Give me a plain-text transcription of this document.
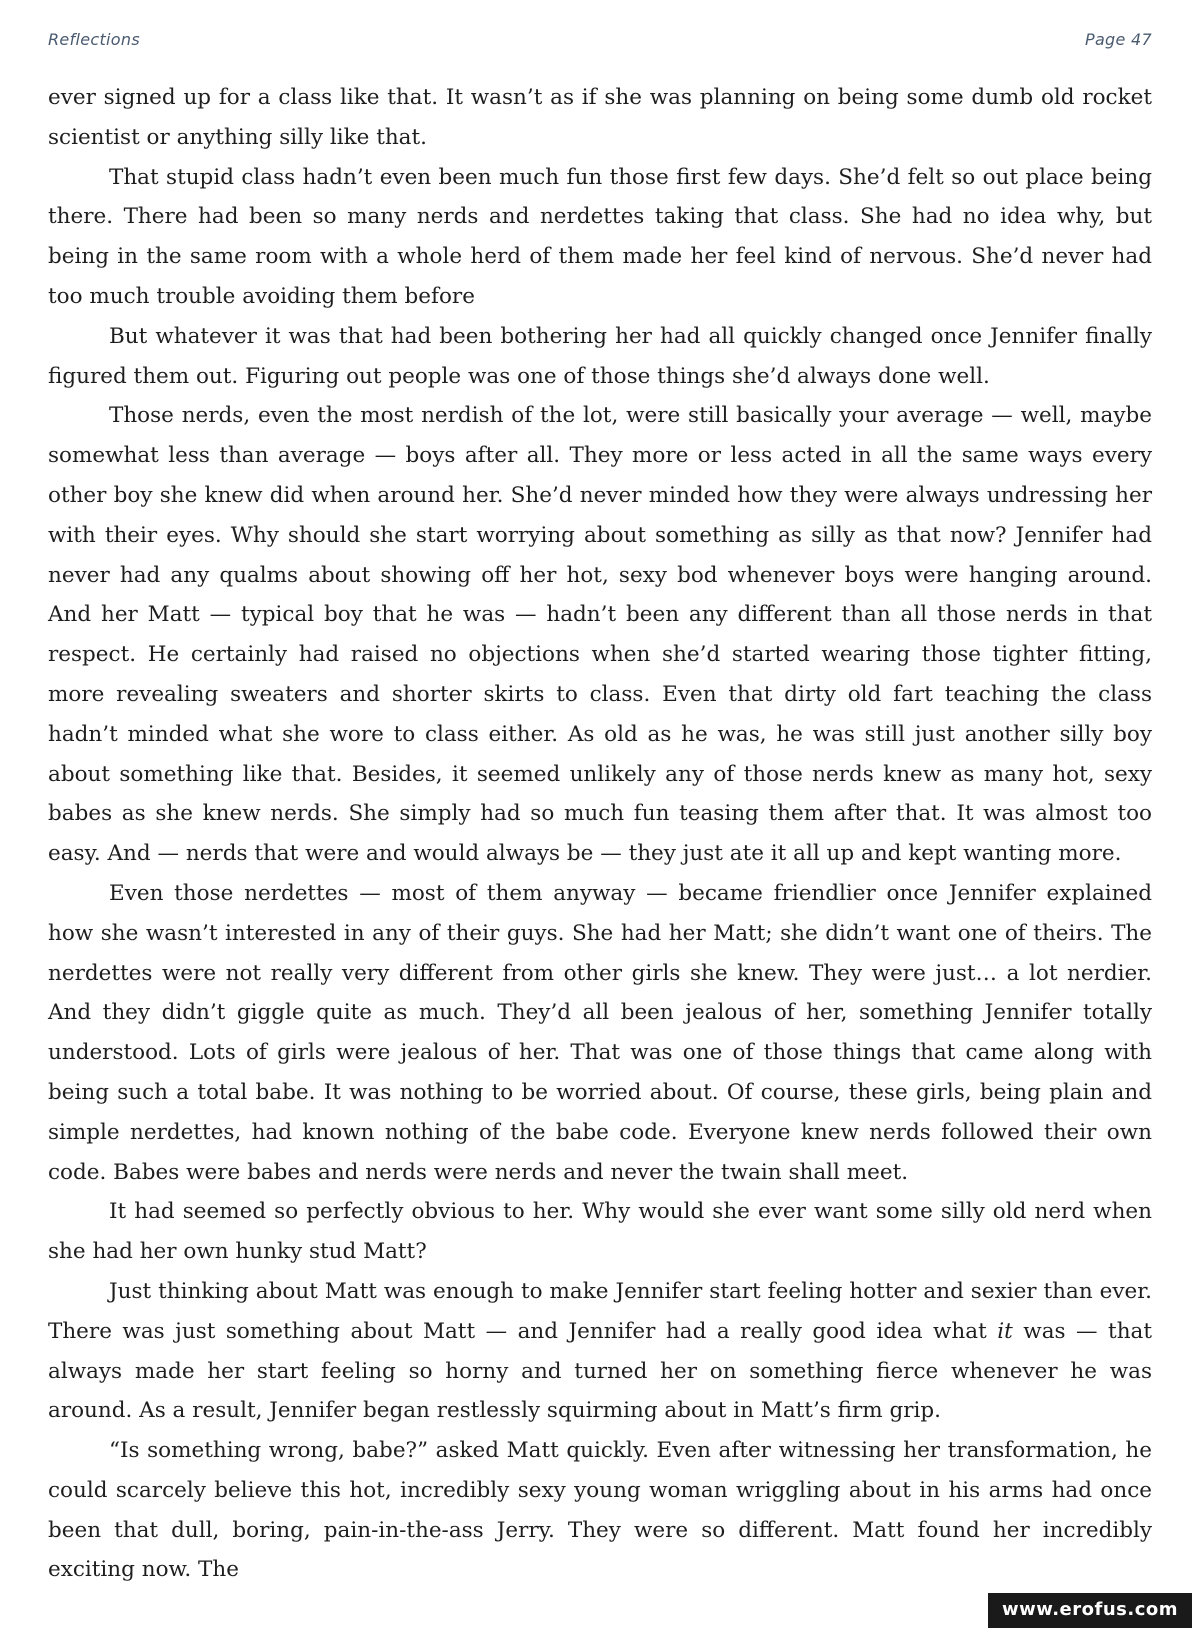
Reflections	Page 47

ever signed up for a class like that. It wasn’t as if she was planning on being some dumb old rocket scientist or anything silly like that.

That stupid class hadn’t even been much fun those first few days. She’d felt so out place being there. There had been so many nerds and nerdettes taking that class. She had no idea why, but being in the same room with a whole herd of them made her feel kind of nervous. She’d never had too much trouble avoiding them before

But whatever it was that had been bothering her had all quickly changed once Jennifer finally figured them out. Figuring out people was one of those things she’d always done well.

Those nerds, even the most nerdish of the lot, were still basically your average — well, maybe somewhat less than average — boys after all. They more or less acted in all the same ways every other boy she knew did when around her. She’d never minded how they were always undressing her with their eyes. Why should she start worrying about something as silly as that now? Jennifer had never had any qualms about showing off her hot, sexy bod whenever boys were hanging around. And her Matt — typical boy that he was — hadn’t been any different than all those nerds in that respect. He certainly had raised no objections when she’d started wearing those tighter fitting, more revealing sweaters and shorter skirts to class. Even that dirty old fart teaching the class hadn’t minded what she wore to class either. As old as he was, he was still just another silly boy about something like that. Besides, it seemed unlikely any of those nerds knew as many hot, sexy babes as she knew nerds. She simply had so much fun teasing them after that. It was almost too easy. And — nerds that were and would always be — they just ate it all up and kept wanting more.

Even those nerdettes — most of them anyway — became friendlier once Jennifer explained how she wasn’t interested in any of their guys. She had her Matt; she didn’t want one of theirs. The nerdettes were not really very different from other girls she knew. They were just… a lot nerdier. And they didn’t giggle quite as much. They’d all been jealous of her, something Jennifer totally understood. Lots of girls were jealous of her. That was one of those things that came along with being such a total babe. It was nothing to be worried about. Of course, these girls, being plain and simple nerdettes, had known nothing of the babe code. Everyone knew nerds followed their own code. Babes were babes and nerds were nerds and never the twain shall meet.

It had seemed so perfectly obvious to her. Why would she ever want some silly old nerd when she had her own hunky stud Matt?

Just thinking about Matt was enough to make Jennifer start feeling hotter and sexier than ever. There was just something about Matt — and Jennifer had a really good idea what it was — that always made her start feeling so horny and turned her on something fierce whenever he was around. As a result, Jennifer began restlessly squirming about in Matt’s firm grip.

“Is something wrong, babe?” asked Matt quickly. Even after witnessing her transformation, he could scarcely believe this hot, incredibly sexy young woman wriggling about in his arms had once been that dull, boring, pain-in-the-ass Jerry. They were so different. Matt found her incredibly exciting now. The

www.erofus.com
